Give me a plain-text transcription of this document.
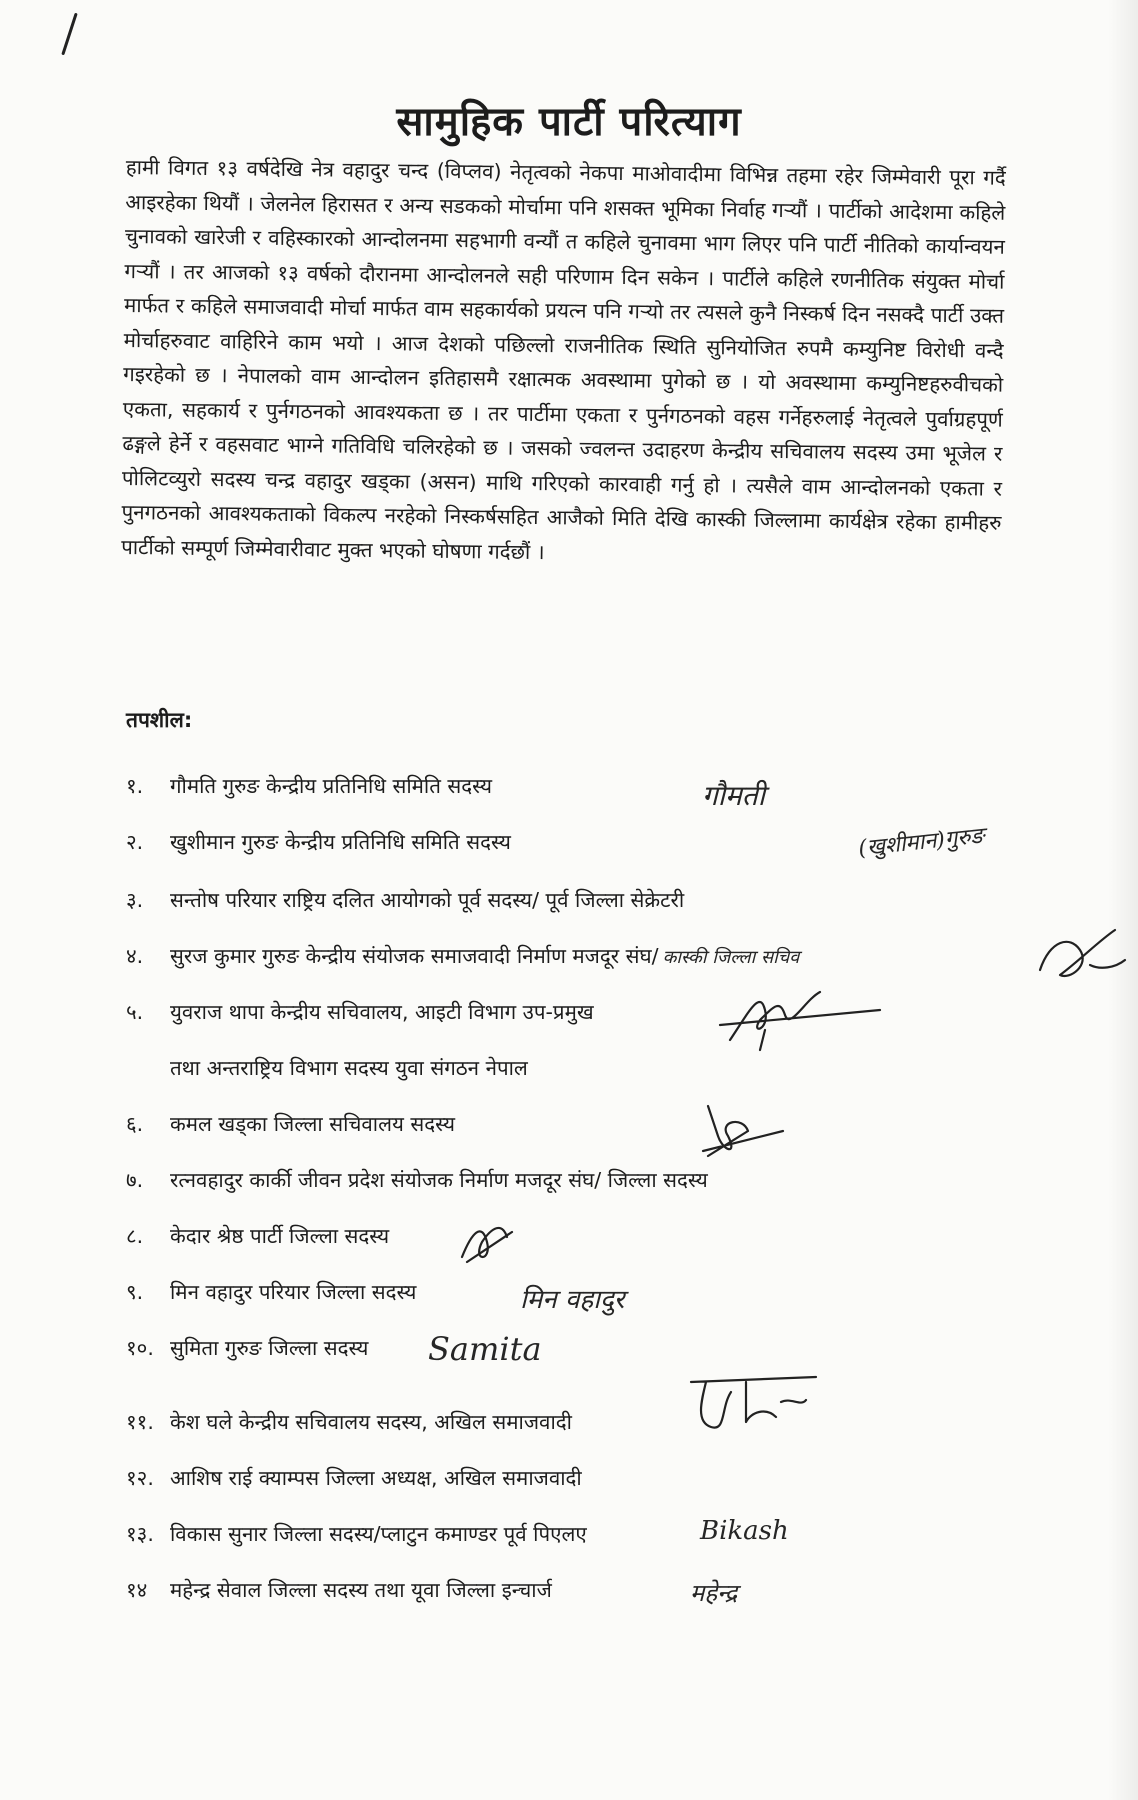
सामुहिक पार्टी परित्याग
हामी विगत १३ वर्षदेखि नेत्र वहादुर चन्द (विप्लव) नेतृत्वको नेकपा माओवादीमा विभिन्न तहमा रहेर जिम्मेवारी पूरा गर्दै आइरहेका थियौं । जेलनेल हिरासत र अन्य सडकको मोर्चामा पनि शसक्त भूमिका निर्वाह गर्‍यौं । पार्टीको आदेशमा कहिले चुनावको खारेजी र वहिस्कारको आन्दोलनमा सहभागी वन्यौं त कहिले चुनावमा भाग लिएर पनि पार्टी नीतिको कार्यान्वयन गर्‍यौं । तर आजको १३ वर्षको दौरानमा आन्दोलनले सही परिणाम दिन सकेन । पार्टीले कहिले रणनीतिक संयुक्त मोर्चा मार्फत र कहिले समाजवादी मोर्चा मार्फत वाम सहकार्यको प्रयत्न पनि गर्‍यो तर त्यसले कुनै निस्कर्ष दिन नसक्दै पार्टी उक्त मोर्चाहरुवाट वाहिरिने काम भयो । आज देशको पछिल्लो राजनीतिक स्थिति सुनियोजित रुपमै कम्युनिष्ट विरोधी वन्दै गइरहेको छ । नेपालको वाम आन्दोलन इतिहासमै रक्षात्मक अवस्थामा पुगेको छ । यो अवस्थामा कम्युनिष्टहरुवीचको एकता, सहकार्य र पुर्नगठनको आवश्यकता छ । तर पार्टीमा एकता र पुर्नगठनको वहस गर्नेहरुलाई नेतृत्वले पुर्वाग्रहपूर्ण ढङ्गले हेर्ने र वहसवाट भाग्ने गतिविधि चलिरहेको छ । जसको ज्वलन्त उदाहरण केन्द्रीय सचिवालय सदस्य उमा भूजेल र पोलिटव्युरो सदस्य चन्द्र वहादुर खड्का (असन) माथि गरिएको कारवाही गर्नु हो । त्यसैले वाम आन्दोलनको एकता र पुनगठनको आवश्यकताको विकल्प नरहेको निस्कर्षसहित आजैको मिति देखि कास्की जिल्लामा कार्यक्षेत्र रहेका हामीहरु पार्टीको सम्पूर्ण जिम्मेवारीवाट मुक्त भएको घोषणा गर्दछौं ।
तपशील:
१. गौमति गुरुङ केन्द्रीय प्रतिनिधि समिति सदस्य	गौमती
२. खुशीमान गुरुङ केन्द्रीय प्रतिनिधि समिति सदस्य	(खुशीमान)गुरुङ
३. सन्तोष परियार राष्ट्रिय दलित आयोगको पूर्व सदस्य/ पूर्व जिल्ला सेक्रेटरी
४. सुरज कुमार गुरुङ केन्द्रीय संयोजक समाजवादी निर्माण मजदूर संघ/ कास्की जिल्ला सचिव
५. युवराज थापा केन्द्रीय सचिवालय, आइटी विभाग उप-प्रमुख
तथा अन्तराष्ट्रिय विभाग सदस्य युवा संगठन नेपाल
६. कमल खड्का जिल्ला सचिवालय सदस्य
७. रत्नवहादुर कार्की जीवन प्रदेश संयोजक निर्माण मजदूर संघ/ जिल्ला सदस्य
८. केदार श्रेष्ठ पार्टी जिल्ला सदस्य
९. मिन वहादुर परियार जिल्ला सदस्य	मिन वहादुर
१०. सुमिता गुरुङ जिल्ला सदस्य Samita
११. केश घले केन्द्रीय सचिवालय सदस्य, अखिल समाजवादी
१२. आशिष राई क्याम्पस जिल्ला अध्यक्ष, अखिल समाजवादी
१३. विकास सुनार जिल्ला सदस्य/प्लाटुन कमाण्डर पूर्व पिएलए	Bikash
१४ महेन्द्र सेवाल जिल्ला सदस्य तथा यूवा जिल्ला इन्चार्ज	महेन्द्र
